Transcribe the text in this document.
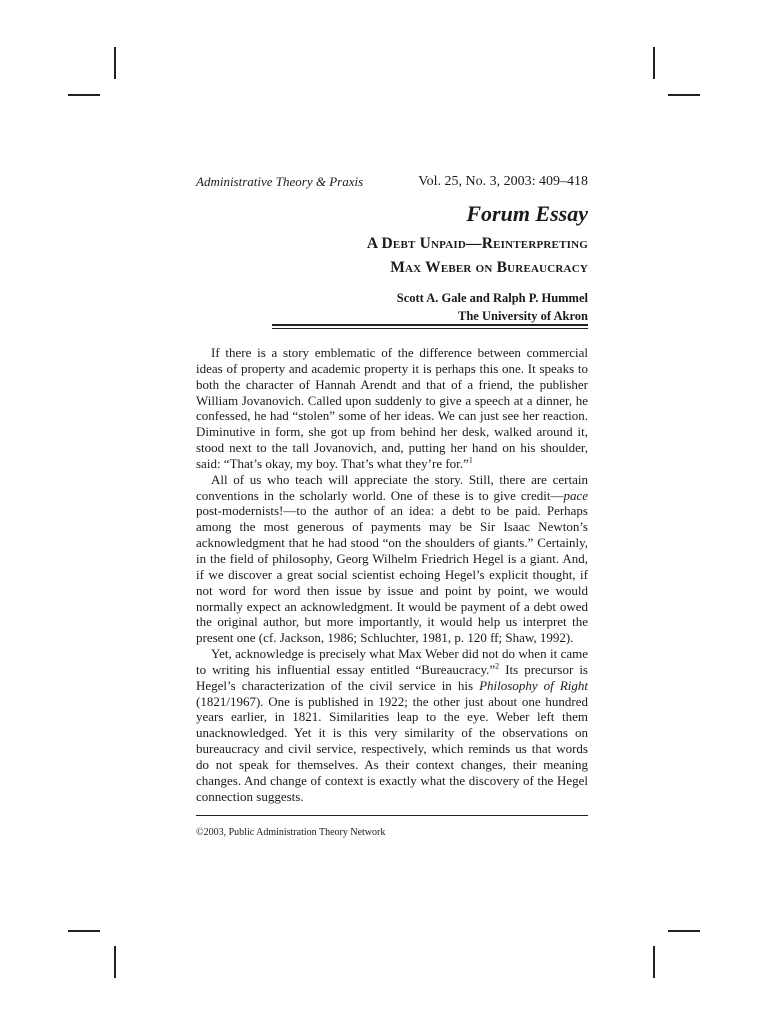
Administrative Theory & Praxis	Vol. 25, No. 3, 2003: 409–418
Forum Essay
A Debt Unpaid—Reinterpreting
Max Weber on Bureaucracy
Scott A. Gale and Ralph P. Hummel
The University of Akron

If there is a story emblematic of the difference between commercial ideas of property and academic property it is perhaps this one. It speaks to both the character of Hannah Arendt and that of a friend, the publisher William Jovanovich. Called upon suddenly to give a speech at a dinner, he confessed, he had “stolen” some of her ideas. We can just see her reaction. Diminutive in form, she got up from behind her desk, walked around it, stood next to the tall Jovanovich, and, putting her hand on his shoulder, said: “That’s okay, my boy. That’s what they’re for.”$^1$

All of us who teach will appreciate the story. Still, there are certain conventions in the scholarly world. One of these is to give credit—pace post-modernists!—to the author of an idea: a debt to be paid. Perhaps among the most generous of payments may be Sir Isaac Newton’s acknowledgment that he had stood “on the shoulders of giants.” Certainly, in the field of philosophy, Georg Wilhelm Friedrich Hegel is a giant. And, if we discover a great social scientist echoing Hegel’s explicit thought, if not word for word then issue by issue and point by point, we would normally expect an acknowledgment. It would be payment of a debt owed the original author, but more importantly, it would help us interpret the present one (cf. Jackson, 1986; Schluchter, 1981, p. 120 ff; Shaw, 1992).

Yet, acknowledge is precisely what Max Weber did not do when it came to writing his influential essay entitled “Bureaucracy.”$^2$ Its precursor is Hegel’s characterization of the civil service in his Philosophy of Right (1821/1967). One is published in 1922; the other just about one hundred years earlier, in 1821. Similarities leap to the eye. Weber left them unacknowledged. Yet it is this very similarity of the observations on bureaucracy and civil service, respectively, which reminds us that words do not speak for themselves. As their context changes, their meaning changes. And change of context is exactly what the discovery of the Hegel connection suggests.

©2003, Public Administration Theory Network
